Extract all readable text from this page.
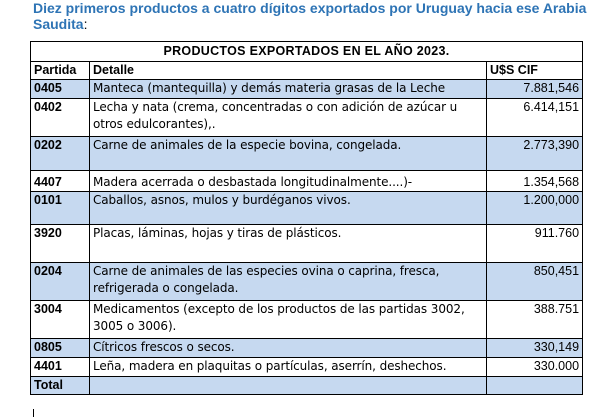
Diez primeros productos a cuatro dígitos exportados por Uruguay hacia ese Arabia Saudita:
PRODUCTOS EXPORTADOS EN EL AÑO 2023.		
Partida	Detalle	U$S CIF
0405	Manteca (mantequilla) y demás materia grasas de la Leche	7.881,546
0402	Lecha y nata (crema, concentradas o con adición de azúcar u otros edulcorantes),.	6.414,151
0202	Carne de animales de la especie bovina, congelada.	2.773,390
4407	Madera acerrada o desbastada longitudinalmente....)-	1.354,568
0101	Caballos, asnos, mulos y burdéganos vivos.	1.200,000
3920	Placas, láminas, hojas y tiras de plásticos.	911.760
0204	Carne de animales de las especies ovina o caprina, fresca, refrigerada o congelada.	850,451
3004	Medicamentos (excepto de los productos de las partidas 3002, 3005 o 3006).	388.751
0805	Cítricos frescos o secos.	330,149
4401	Leña, madera en plaquitas o partículas, aserrín, deshechos.	330.000
Total		
